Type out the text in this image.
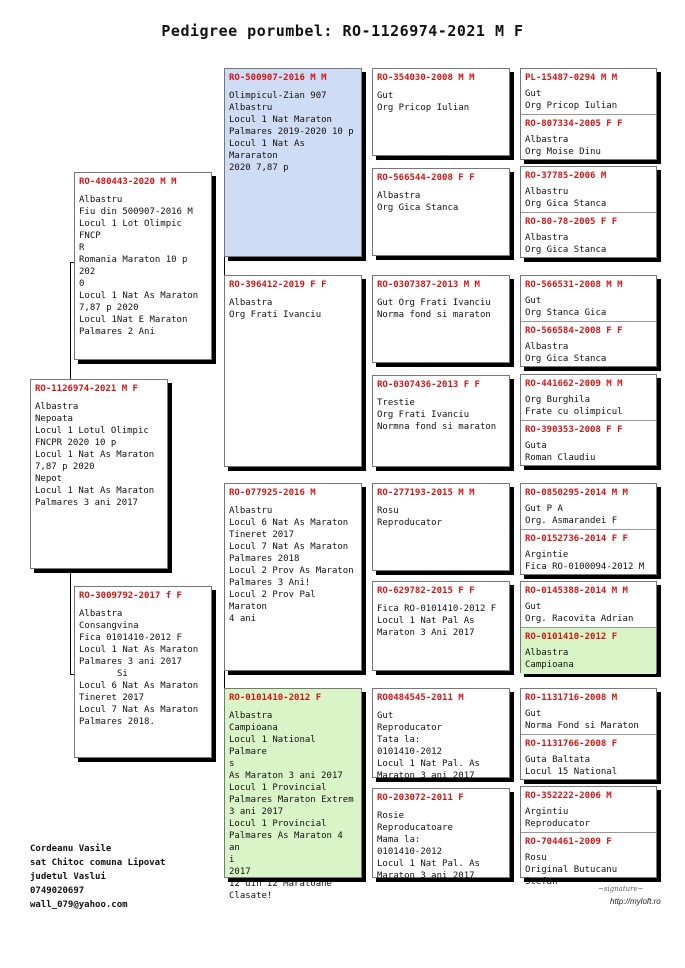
Pedigree porumbel: RO-1126974-2021 M F
RO-1126974-2021 M F
Albastra
Nepoata
Locul 1 Lotul Olimpic
FNCPR 2020 10 p
Locul 1 Nat As Maraton
7,87 p 2020
Nepot
Locul 1 Nat As Maraton
Palmares 3 ani 2017
RO-480443-2020 M M
Albastru
Fiu din 500907-2016 M
Locul 1 Lot Olimpic FNCP
R
Romania Maraton 10 p 202
0
Locul 1 Nat As Maraton
7,87 p 2020
Locul 1Nat E Maraton
Palmares 2 Ani
RO-3009792-2017 f F
Albastra
Consangvina
Fica 0101410-2012 F
Locul 1 Nat As Maraton
Palmares 3 ani 2017
Si
Locul 6 Nat As Maraton
Tineret 2017
Locul 7 Nat As Maraton
Palmares 2018.
RO-500907-2016 M M
Olimpicul-Zian 907
Albastru
Locul 1 Nat Maraton
Palmares 2019-2020 10 p
Locul 1 Nat As Mararaton
2020 7,87 p
RO-396412-2019 F F
Albastra
Org Frati Ivanciu
RO-077925-2016 M
Albastru
Locul 6 Nat As Maraton
Tineret 2017
Locul 7 Nat As Maraton
Palmares 2018
Locul 2 Prov As Maraton
Palmares 3 Ani!
Locul 2 Prov Pal Maraton
4 ani
RO-0101410-2012 F
Albastra
Campioana
Locul 1 National Palmare
s
As Maraton 3 ani 2017
Locul 1 Provincial
Palmares Maraton Extrem
3 ani 2017
Locul 1 Provincial
Palmares As Maraton 4 an
i
2017
12 din 12 Maratoane
Clasate!
RO-354030-2008 M M
Gut
Org Pricop Iulian
RO-566544-2008 F F
Albastra
Org Gica Stanca
RO-0307387-2013 M M
Gut Org Frati Ivanciu
Norma fond si maraton
RO-0307436-2013 F F
Trestie
Org Frati Ivanciu
Normna fond si maraton
RO-277193-2015 M M
Rosu
Reproducator
RO-629782-2015 F F
Fica RO-0101410-2012 F
Locul 1 Nat Pal As
Maraton 3 Ani 2017
RO0484545-2011 M
Gut
Reproducator
Tata la:
0101410-2012
Locul 1 Nat Pal. As
Maraton 3 ani 2017
RO-203072-2011 F
Rosie
Reproducatoare
Mama la:
0101410-2012
Locul 1 Nat Pal. As
Maraton 3 ani 2017
PL-15487-0294 M M
Gut
Org Pricop Iulian
RO-807334-2005 F F
Albastra
Org Moise Dinu
RO-37785-2006 M
Albastru
Org Gica Stanca
RO-80-78-2005 F F
Albastra
Org Gica Stanca
RO-566531-2008 M M
Gut
Org Stanca Gica
RO-566584-2008 F F
Albastra
Org Gica Stanca
RO-441662-2009 M M
Org Burghila
Frate cu olimpicul
RO-390353-2008 F F
Guta
Roman Claudiu
RO-0850295-2014 M M
Gut P A
Org. Asmarandei F
RO-0152736-2014 F F
Argintie
Fica RO-0100094-2012 M
RO-0145388-2014 M M
Gut
Org. Racovita Adrian
RO-0101410-2012 F
Albastra
Campioana
RO-1131716-2008 M
Gut
Norma Fond si Maraton
RO-1131766-2008 F
Guta Baltata
Locul 15 National
RO-352222-2006 M
Argintiu
Reproducator
RO-704461-2009 F
Rosu
Original Butucanu Stefan
Cordeanu Vasile
sat Chitoc comuna Lipovat
judetul Vaslui
0749020697
wall_079@yahoo.com
~signature~
http://myloft.ro
